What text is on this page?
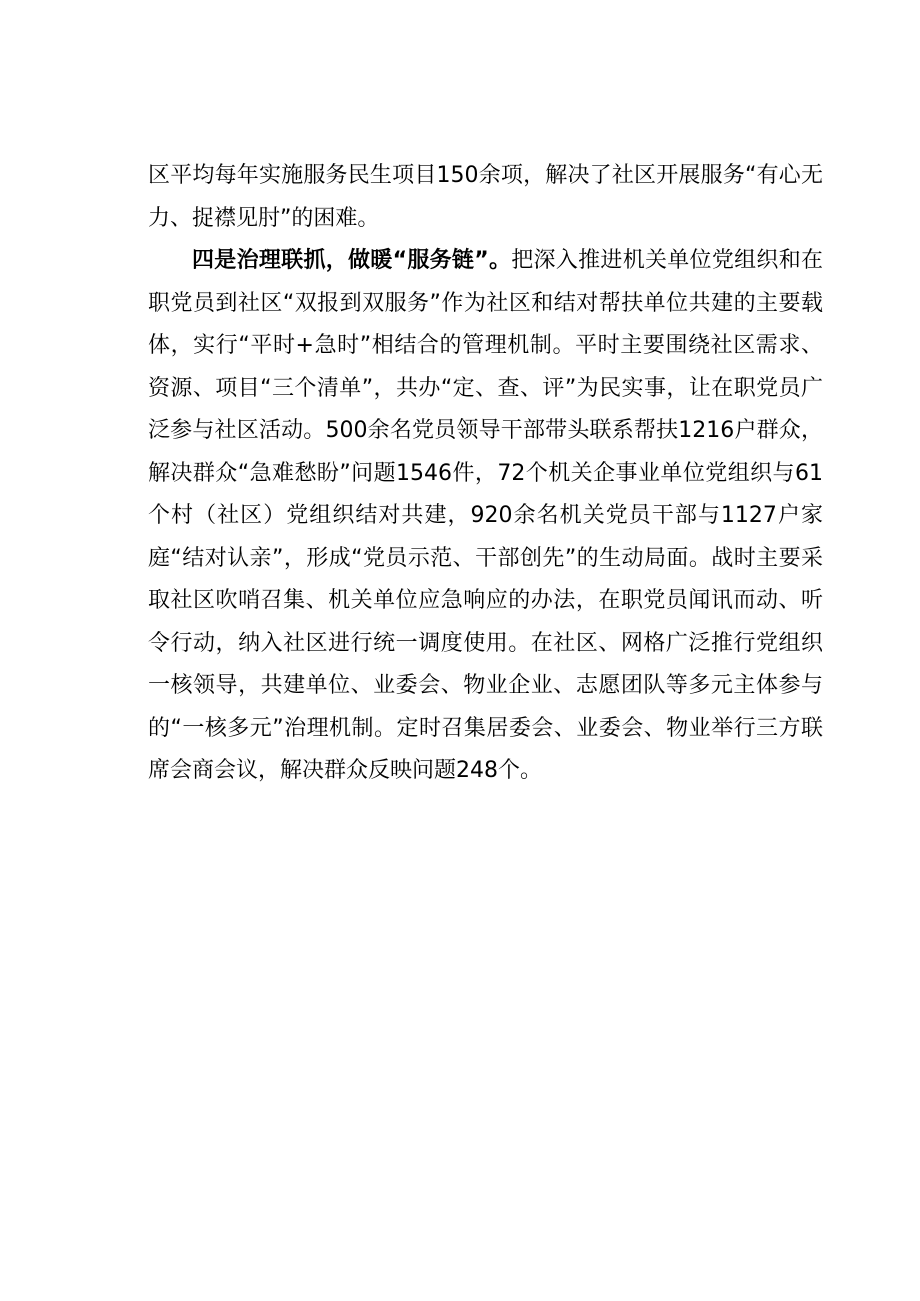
区平均每年实施服务民生项目150余项，解决了社区开展服务“有心无力、捉襟见肘”的困难。

四是治理联抓，做暖“服务链”。把深入推进机关单位党组织和在职党员到社区“双报到双服务”作为社区和结对帮扶单位共建的主要载体，实行“平时+急时”相结合的管理机制。平时主要围绕社区需求、资源、项目“三个清单”，共办“定、查、评”为民实事，让在职党员广泛参与社区活动。500余名党员领导干部带头联系帮扶1216户群众，解决群众“急难愁盼”问题1546件，72个机关企事业单位党组织与61个村（社区）党组织结对共建，920余名机关党员干部与1127户家庭“结对认亲”，形成“党员示范、干部创先”的生动局面。战时主要采取社区吹哨召集、机关单位应急响应的办法，在职党员闻讯而动、听令行动，纳入社区进行统一调度使用。在社区、网格广泛推行党组织一核领导，共建单位、业委会、物业企业、志愿团队等多元主体参与的“一核多元”治理机制。定时召集居委会、业委会、物业举行三方联席会商会议，解决群众反映问题248个。
